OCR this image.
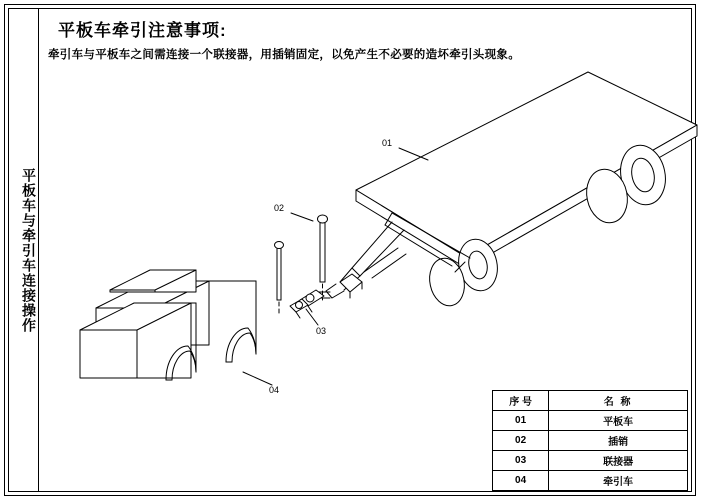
平板车与牵引车连接操作
平板车牵引注意事项:
牵引车与平板车之间需连接一个联接器，用插销固定，以免产生不必要的造坏牵引头现象。
01
02
03
04
序 号	名 称
01	平板车
02	插销
03	联接器
04	牵引车
